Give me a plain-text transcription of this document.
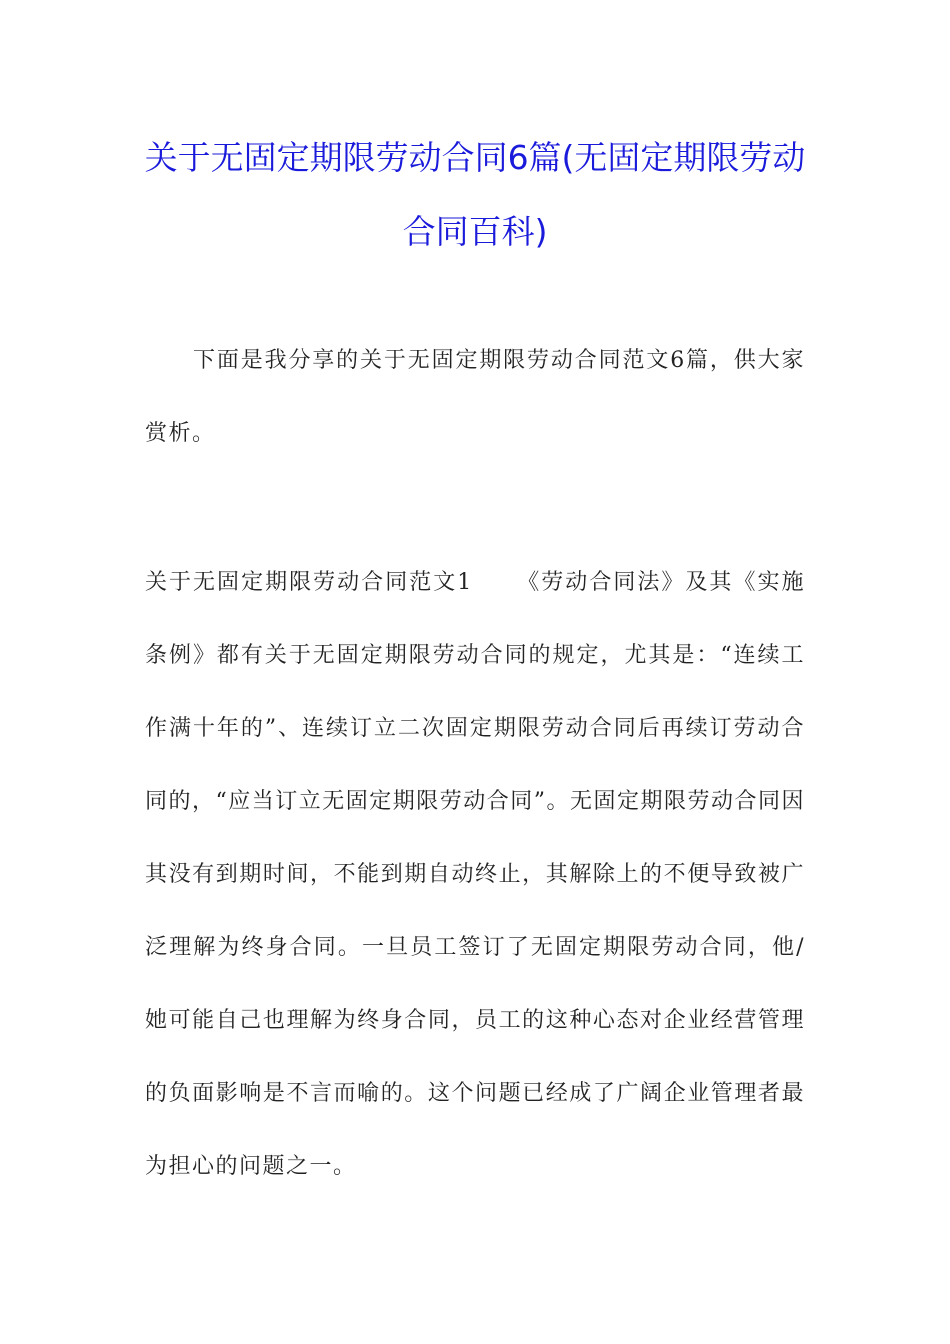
关于无固定期限劳动合同6篇(无固定期限劳动合同百科)

下面是我分享的关于无固定期限劳动合同范文6篇，供大家赏析。

关于无固定期限劳动合同范文1 《劳动合同法》及其《实施条例》都有关于无固定期限劳动合同的规定，尤其是：“连续工作满十年的”、连续订立二次固定期限劳动合同后再续订劳动合同的，“应当订立无固定期限劳动合同”。无固定期限劳动合同因其没有到期时间，不能到期自动终止，其解除上的不便导致被广泛理解为终身合同。一旦员工签订了无固定期限劳动合同，他/她可能自己也理解为终身合同，员工的这种心态对企业经营管理的负面影响是不言而喻的。这个问题已经成了广阔企业管理者最为担心的问题之一。
